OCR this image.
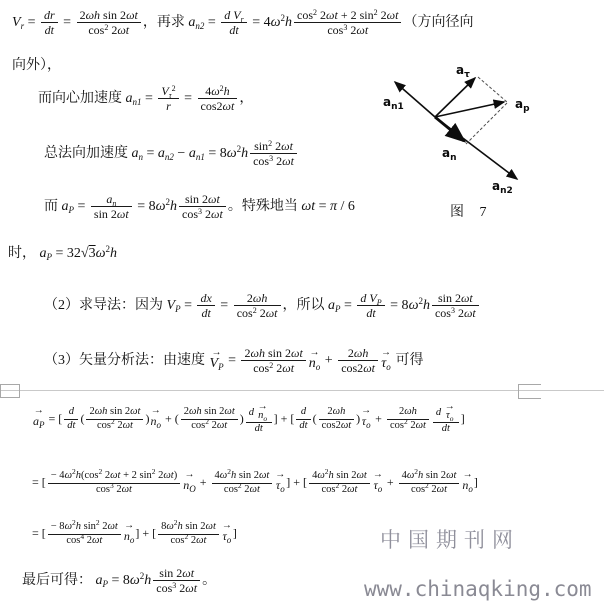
$V_r = \frac{dr}{dt} = \frac{\text{2ωh sin 2ωt}}{\cos^2 2\omega t}$ ，再求 $a_{n2} = \frac{d V_r}{dt} = 4\omega^2h \frac{\cos^2 2\omega t + 2 \sin^2 2\omega t}{\cos^3 2\omega t}$ （方向径向
向外），
而向心加速度 $a_{n1} = \frac{V_\tau^2}{r} = \frac{4\omega^2h}{\cos 2\omega t}$ ，
总法向加速度 $a_n = a_{n2} - a_{n1} = 8\omega^2h \frac{\sin^2 2\omega t}{\cos^3 2\omega t}$
而 $a_P = \frac{a_n}{\sin 2\omega t} = 8\omega^2h \frac{\sin 2\omega t}{\cos^3 2\omega t}$ 。特殊地当 ωt = π / 6
时， $a_P = 32√3\omega^2h$
（2）求导法：因为 $V_P = \frac{dx}{dt} = \frac{2\omega h}{\cos^2 2\omega t}$ ，所以 $a_P = \frac{d V_P}{dt} = 8\omega^2h \frac{\sin 2\omega t}{\cos^3 2\omega t}$
（3）矢量分析法：由速度
→
$V_P = \frac{\text{2ωh sin 2ωt}}{\cos^2 2\omega t}$ →
$n_o + \frac{2\omega h}{\cos 2\omega t}$ →
$\tau_o$ 可得
→
$a_P$ = [ $\frac{d}{dt}$ ( $\frac{\text{2ωh sin 2ωt}}{\cos^2 2\omega t}$ )
→
$n_o$ + ( $\frac{\text{2ωh sin 2ωt}}{\cos^2 2\omega t}$ ) d
→
$n_o$
dt ] + [ $\frac{d}{dt}$ ( $\frac{2\omega h}{\cos 2\omega t}$ )
→
$\tau_o + \frac{2\omega h}{\cos^2 2\omega t}$ d
→
$\tau_o$
dt ]
= [ $\frac{- 4\omega^2h(\cos^2 2\omega t + 2 \sin^2 2\omega t)}{\cos^3 2\omega t}$ →
$n_O + \frac{4\omega^2h \sin 2\omega t}{\cos^2 2\omega t}$ →
$\tau_o$ ] + [ $\frac{4\omega^2h \sin 2\omega t}{\cos^2 2\omega t}$ →
$\tau_o + \frac{4\omega^2h \sin 2\omega t}{\cos^2 2\omega t}$ →
$n_o$ ]
= [ $\frac{- 8\omega^2h \sin^2 2\omega t}{\cos^4 2\omega t}$ →
$n_o$ ] + [ $\frac{8\omega^2h \sin 2\omega t}{\cos^2 2\omega t}$ →
$\tau_o$ ]
最后可得： $a_P = 8\omega^2h \frac{\sin 2\omega t}{\cos^3 2\omega t}$ 。
$a_{n1}$
$a_\tau$
$a_p$
$a_n$
$a_{n2}$
图 7
中国期刊网
www.chinaqking.com
